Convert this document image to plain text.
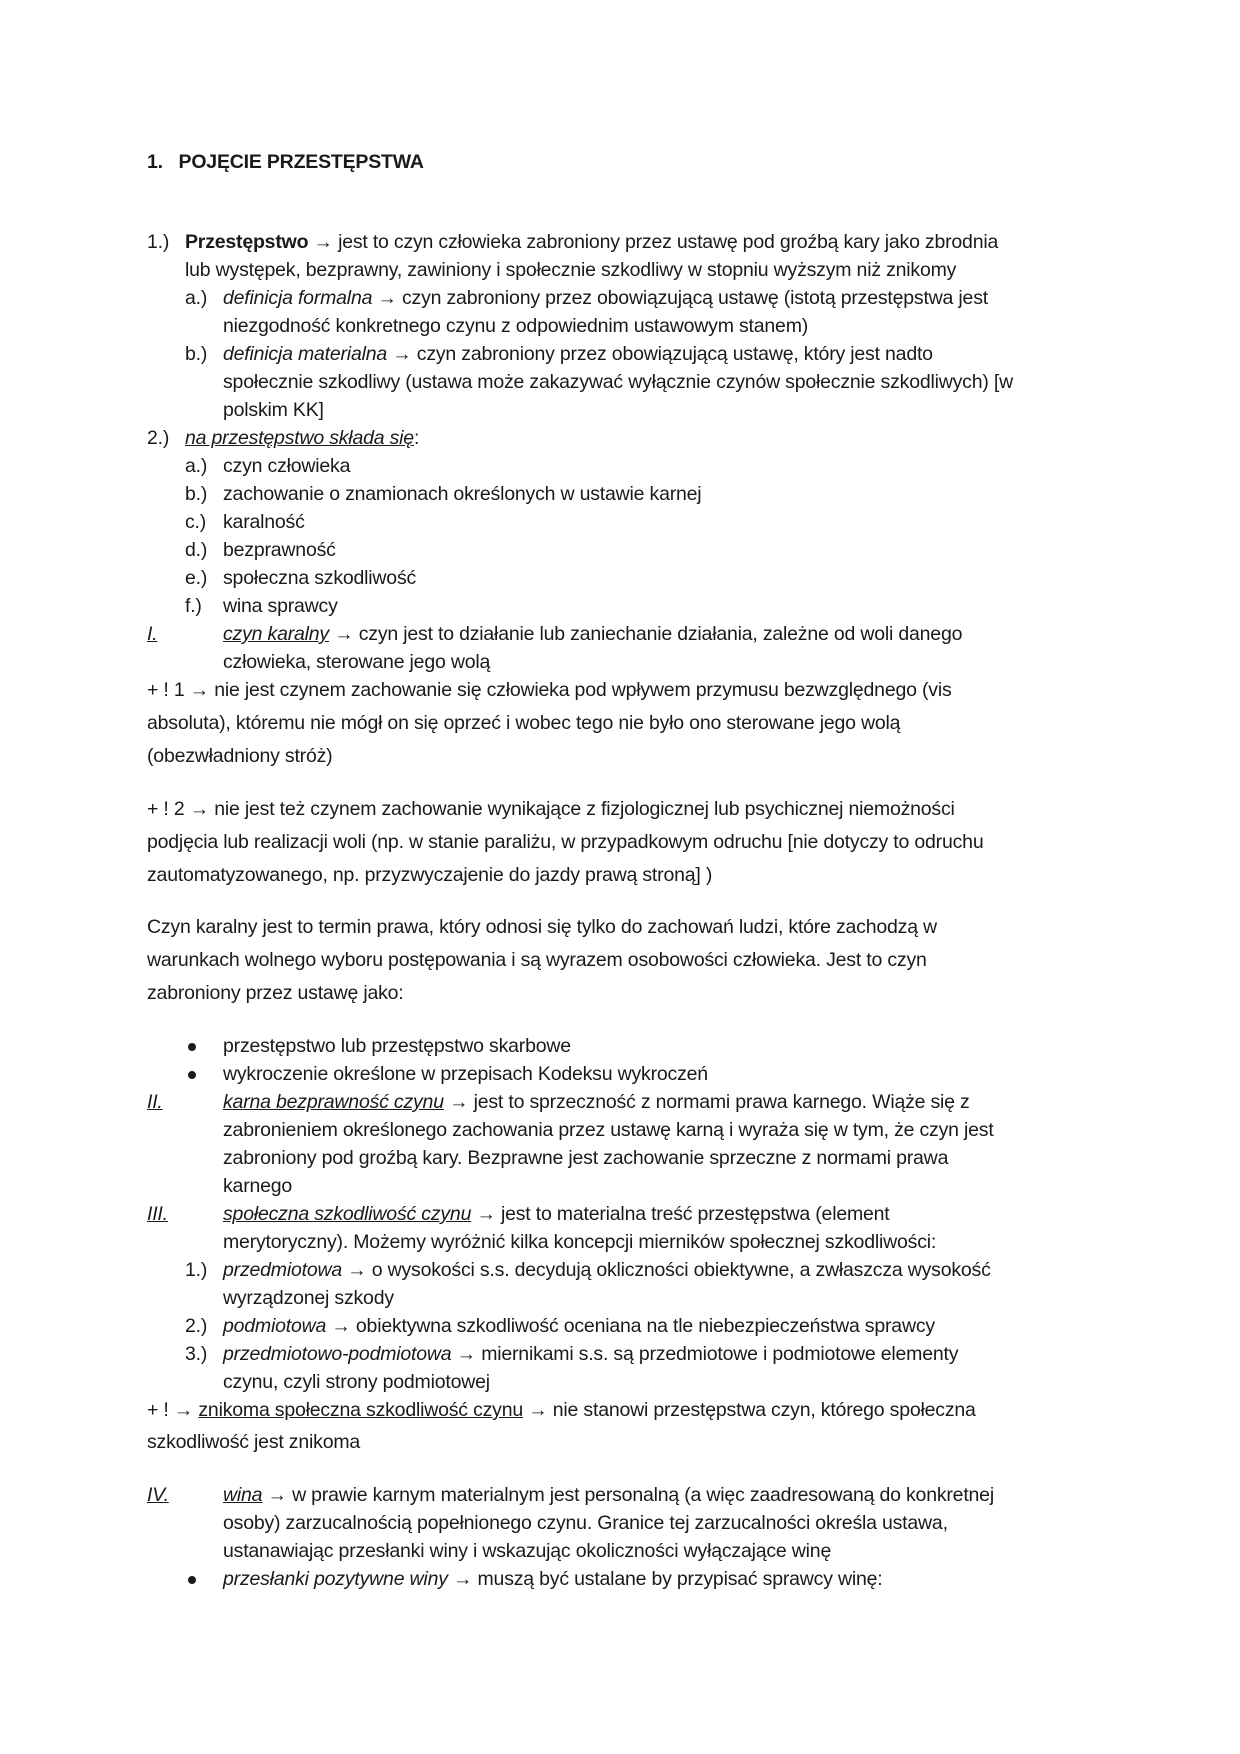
1. POJĘCIE PRZESTĘPSTWA
1.) Przestępstwo → jest to czyn człowieka zabroniony przez ustawę pod groźbą kary jako zbrodnia
lub występek, bezprawny, zawiniony i społecznie szkodliwy w stopniu wyższym niż znikomy
a.) definicja formalna → czyn zabroniony przez obowiązującą ustawę (istotą przestępstwa jest
niezgodność konkretnego czynu z odpowiednim ustawowym stanem)
b.) definicja materialna → czyn zabroniony przez obowiązującą ustawę, który jest nadto
społecznie szkodliwy (ustawa może zakazywać wyłącznie czynów społecznie szkodliwych) [w
polskim KK]
2.) na przestępstwo składa się:
a.) czyn człowieka
b.) zachowanie o znamionach określonych w ustawie karnej
c.) karalność
d.) bezprawność
e.) społeczna szkodliwość
f.) wina sprawcy
I.	czyn karalny → czyn jest to działanie lub zaniechanie działania, zależne od woli danego
człowieka, sterowane jego wolą
+ ! 1 → nie jest czynem zachowanie się człowieka pod wpływem przymusu bezwzględnego (vis
absoluta), któremu nie mógł on się oprzeć i wobec tego nie było ono sterowane jego wolą
(obezwładniony stróż)
+ ! 2 → nie jest też czynem zachowanie wynikające z fizjologicznej lub psychicznej niemożności
podjęcia lub realizacji woli (np. w stanie paraliżu, w przypadkowym odruchu [nie dotyczy to odruchu
zautomatyzowanego, np. przyzwyczajenie do jazdy prawą stroną] )
Czyn karalny jest to termin prawa, który odnosi się tylko do zachowań ludzi, które zachodzą w
warunkach wolnego wyboru postępowania i są wyrazem osobowości człowieka. Jest to czyn
zabroniony przez ustawę jako:
przestępstwo lub przestępstwo skarbowe
wykroczenie określone w przepisach Kodeksu wykroczeń
II.	karna bezprawność czynu → jest to sprzeczność z normami prawa karnego. Wiąże się z
zabronieniem określonego zachowania przez ustawę karną i wyraża się w tym, że czyn jest
zabroniony pod groźbą kary. Bezprawne jest zachowanie sprzeczne z normami prawa
karnego
III.	społeczna szkodliwość czynu → jest to materialna treść przestępstwa (element
merytoryczny). Możemy wyróżnić kilka koncepcji mierników społecznej szkodliwości:
1.) przedmiotowa → o wysokości s.s. decydują okliczności obiektywne, a zwłaszcza wysokość
wyrządzonej szkody
2.) podmiotowa → obiektywna szkodliwość oceniana na tle niebezpieczeństwa sprawcy
3.) przedmiotowo-podmiotowa → miernikami s.s. są przedmiotowe i podmiotowe elementy
czynu, czyli strony podmiotowej
+ ! → znikoma społeczna szkodliwość czynu → nie stanowi przestępstwa czyn, którego społeczna
szkodliwość jest znikoma
IV.	wina → w prawie karnym materialnym jest personalną (a więc zaadresowaną do konkretnej
osoby) zarzucalnością popełnionego czynu. Granice tej zarzucalności określa ustawa,
ustanawiając przesłanki winy i wskazując okoliczności wyłączające winę
przesłanki pozytywne winy → muszą być ustalane by przypisać sprawcy winę:
